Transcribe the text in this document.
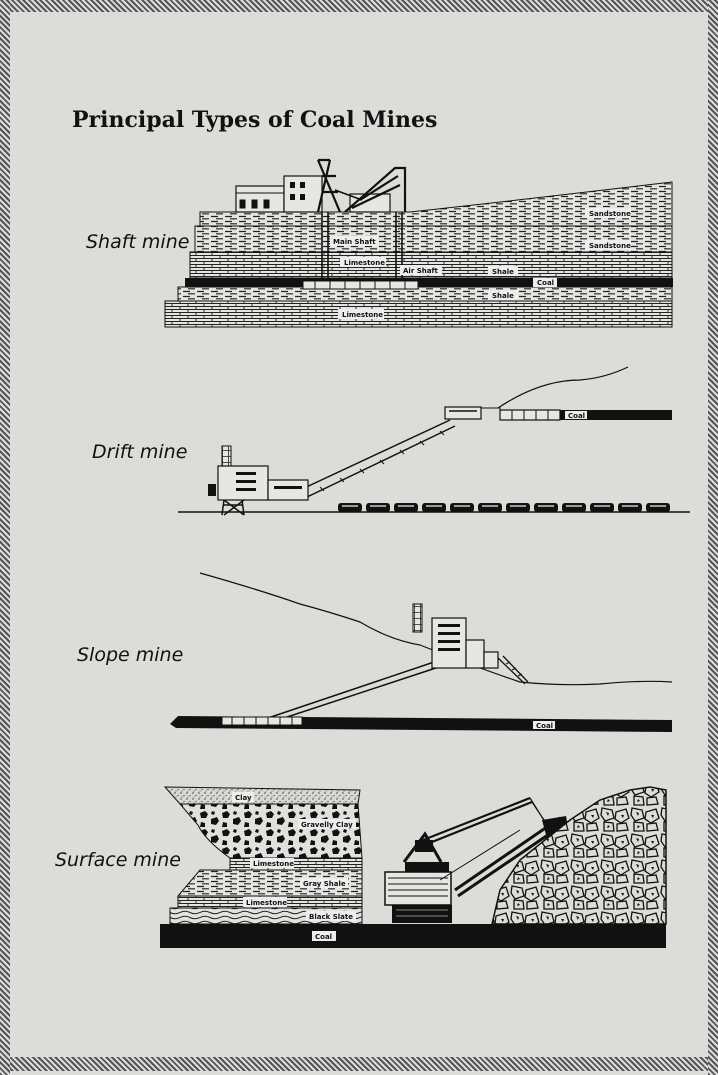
Principal Types of Coal Mines
Sandstone
Sandstone
Main Shaft
Limestone
Air Shaft	Shale
Coal
Shale
Limestone
Shaft mine
Coal
Drift mine
Coal
Slope mine
Clay
Gravelly Clay
Limestone
Gray Shale
Limestone
Black Slate
Coal
Surface mine
